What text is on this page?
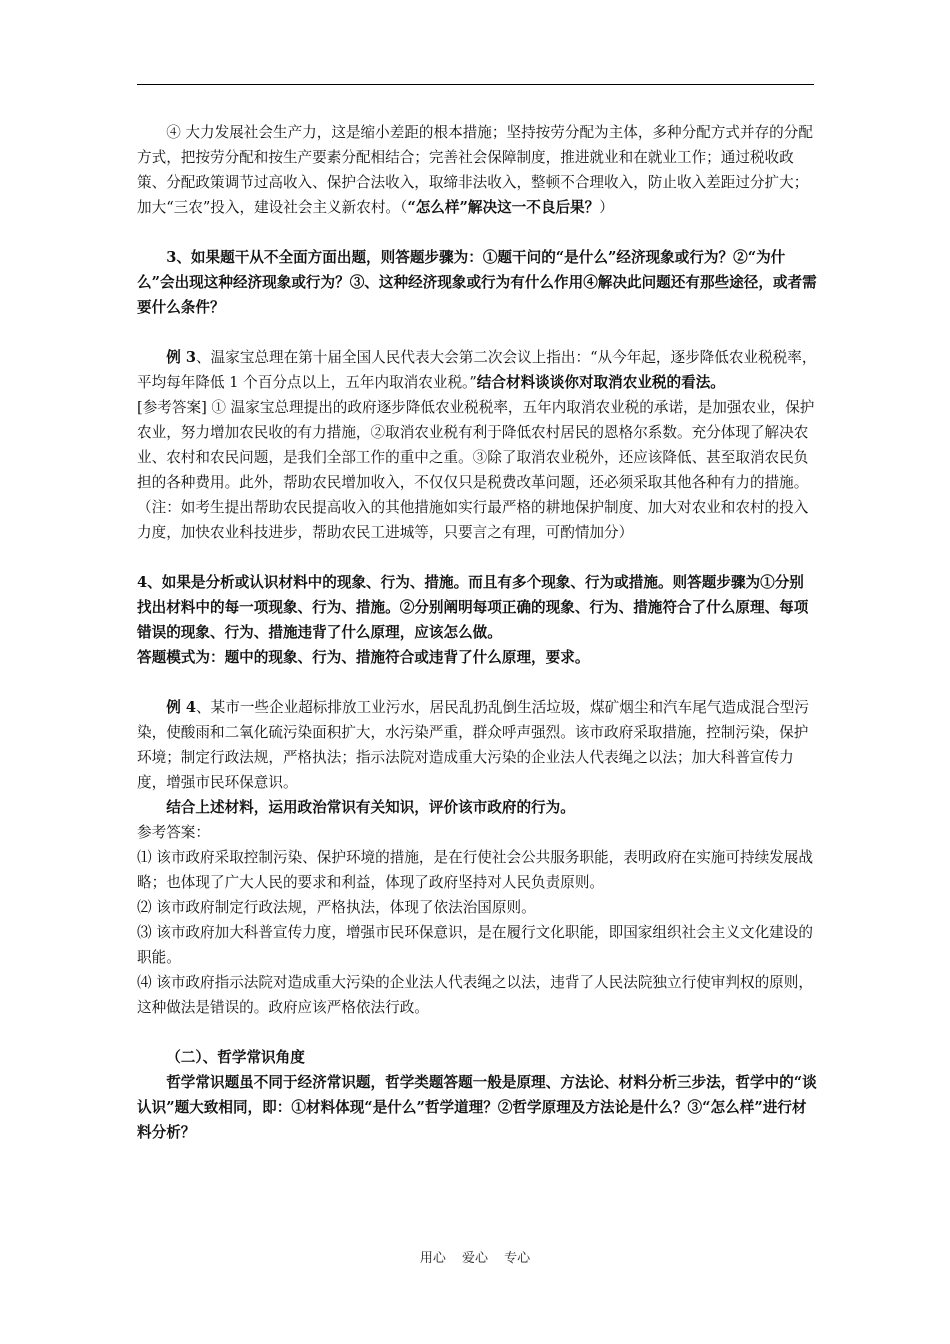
④ 大力发展社会生产力，这是缩小差距的根本措施；坚持按劳分配为主体，多种分配方式并存的分配方式，把按劳分配和按生产要素分配相结合；完善社会保障制度，推进就业和在就业工作；通过税收政策、分配政策调节过高收入、保护合法收入，取缔非法收入，整顿不合理收入，防止收入差距过分扩大；加大“三农”投入，建设社会主义新农村。（“怎么样”解决这一不良后果？）

3、如果题干从不全面方面出题，则答题步骤为：①题干问的“是什么”经济现象或行为？②“为什么”会出现这种经济现象或行为？③、这种经济现象或行为有什么作用④解决此问题还有那些途径，或者需要什么条件？

例 3、温家宝总理在第十届全国人民代表大会第二次会议上指出：“从今年起，逐步降低农业税税率，平均每年降低 1 个百分点以上，五年内取消农业税。”结合材料谈谈你对取消农业税的看法。

[参考答案] ① 温家宝总理提出的政府逐步降低农业税税率，五年内取消农业税的承诺，是加强农业，保护农业，努力增加农民收的有力措施，②取消农业税有利于降低农村居民的恩格尔系数。充分体现了解决农业、农村和农民问题，是我们全部工作的重中之重。③除了取消农业税外，还应该降低、甚至取消农民负担的各种费用。此外，帮助农民增加收入，不仅仅只是税费改革问题，还必须采取其他各种有力的措施。

（注：如考生提出帮助农民提高收入的其他措施如实行最严格的耕地保护制度、加大对农业和农村的投入力度，加快农业科技进步，帮助农民工进城等，只要言之有理，可酌情加分）

4、如果是分析或认识材料中的现象、行为、措施。而且有多个现象、行为或措施。则答题步骤为①分别找出材料中的每一项现象、行为、措施。②分别阐明每项正确的现象、行为、措施符合了什么原理、每项错误的现象、行为、措施违背了什么原理，应该怎么做。

答题模式为：题中的现象、行为、措施符合或违背了什么原理，要求。

例 4、某市一些企业超标排放工业污水，居民乱扔乱倒生活垃圾，煤矿烟尘和汽车尾气造成混合型污染，使酸雨和二氧化硫污染面积扩大，水污染严重，群众呼声强烈。该市政府采取措施，控制污染，保护环境；制定行政法规，严格执法；指示法院对造成重大污染的企业法人代表绳之以法；加大科普宣传力度，增强市民环保意识。

结合上述材料，运用政治常识有关知识，评价该市政府的行为。

参考答案：

⑴ 该市政府采取控制污染、保护环境的措施，是在行使社会公共服务职能，表明政府在实施可持续发展战略；也体现了广大人民的要求和利益，体现了政府坚持对人民负责原则。

⑵ 该市政府制定行政法规，严格执法，体现了依法治国原则。

⑶ 该市政府加大科普宣传力度，增强市民环保意识，是在履行文化职能，即国家组织社会主义文化建设的职能。

⑷ 该市政府指示法院对造成重大污染的企业法人代表绳之以法，违背了人民法院独立行使审判权的原则，这种做法是错误的。政府应该严格依法行政。

（二）、哲学常识角度

哲学常识题虽不同于经济常识题，哲学类题答题一般是原理、方法论、材料分析三步法，哲学中的“谈认识”题大致相同，即：①材料体现“是什么”哲学道理？②哲学原理及方法论是什么？③“怎么样”进行材料分析？

用心 爱心 专心
